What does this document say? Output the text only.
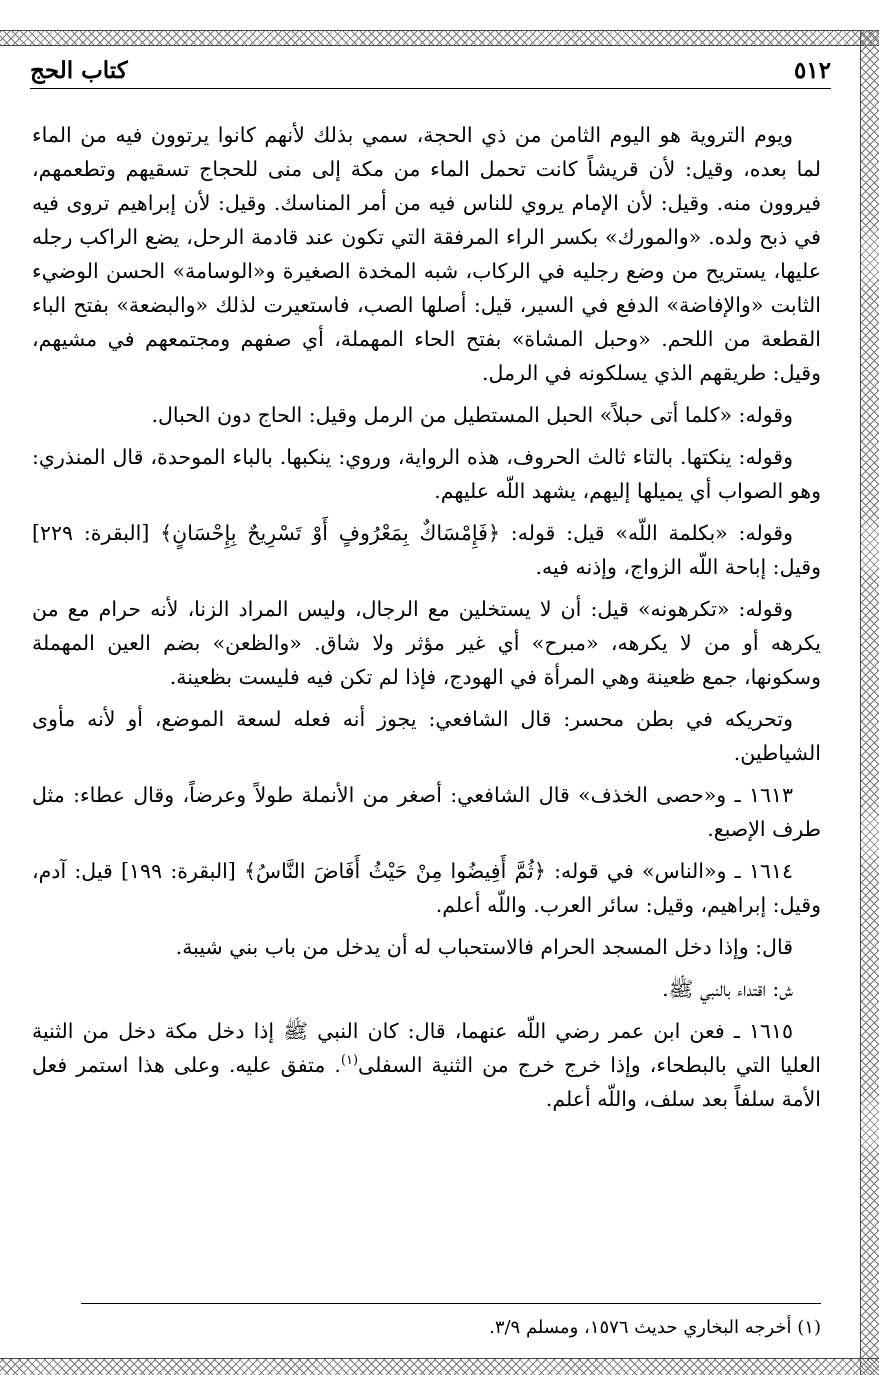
٥١٢
كتاب الحج

ويوم التروية هو اليوم الثامن من ذي الحجة، سمي بذلك لأنهم كانوا يرتوون فيه من الماء لما بعده، وقيل: لأن قريشاً كانت تحمل الماء من مكة إلى منى للحجاج تسقيهم وتطعمهم، فيروون منه. وقيل: لأن الإمام يروي للناس فيه من أمر المناسك. وقيل: لأن إبراهيم تروى فيه في ذبح ولده. «والمورك» بكسر الراء المرفقة التي تكون عند قادمة الرحل، يضع الراكب رجله عليها، يستريح من وضع رجليه في الركاب، شبه المخدة الصغيرة و«الوسامة» الحسن الوضيء الثابت «والإفاضة» الدفع في السير، قيل: أصلها الصب، فاستعيرت لذلك «والبضعة» بفتح الباء القطعة من اللحم. «وحبل المشاة» بفتح الحاء المهملة، أي صفهم ومجتمعهم في مشيهم، وقيل: طريقهم الذي يسلكونه في الرمل.

وقوله: «كلما أتى حبلاً» الحبل المستطيل من الرمل وقيل: الحاج دون الحبال.

وقوله: ينكتها. بالتاء ثالث الحروف، هذه الرواية، وروي: ينكبها. بالباء الموحدة، قال المنذري: وهو الصواب أي يميلها إليهم، يشهد اللّه عليهم.

وقوله: «بكلمة اللّه» قيل: قوله: ﴿فَإِمْسَاكٌ بِمَعْرُوفٍ أَوْ تَسْرِيحٌ بِإِحْسَانٍ﴾ [البقرة: ٢٢٩] وقيل: إباحة اللّه الزواج، وإذنه فيه.

وقوله: «تكرهونه» قيل: أن لا يستخلين مع الرجال، وليس المراد الزنا، لأنه حرام مع من يكرهه أو من لا يكرهه، «مبرح» أي غير مؤثر ولا شاق. «والظعن» بضم العين المهملة وسكونها، جمع ظعينة وهي المرأة في الهودج، فإذا لم تكن فيه فليست بظعينة.

وتحريكه في بطن محسر: قال الشافعي: يجوز أنه فعله لسعة الموضع، أو لأنه مأوى الشياطين.

١٦١٣ ـ و«حصى الخذف» قال الشافعي: أصغر من الأنملة طولاً وعرضاً، وقال عطاء: مثل طرف الإصبع.

١٦١٤ ـ و«الناس» في قوله: ﴿ثُمَّ أَفِيضُوا مِنْ حَيْثُ أَفَاضَ النَّاسُ﴾ [البقرة: ١٩٩] قيل: آدم، وقيل: إبراهيم، وقيل: سائر العرب. واللّه أعلم.

قال: وإذا دخل المسجد الحرام فالاستحباب له أن يدخل من باب بني شيبة.

ش: اقتداء بالنبي ﷺ.

١٦١٥ ـ فعن ابن عمر رضي اللّه عنهما، قال: كان النبي ﷺ إذا دخل مكة دخل من الثنية العليا التي بالبطحاء، وإذا خرج خرج من الثنية السفلى$^{(١)}$. متفق عليه. وعلى هذا استمر فعل الأمة سلفاً بعد سلف، واللّه أعلم.

(١) أخرجه البخاري حديث ١٥٧٦، ومسلم ٣/٩.
